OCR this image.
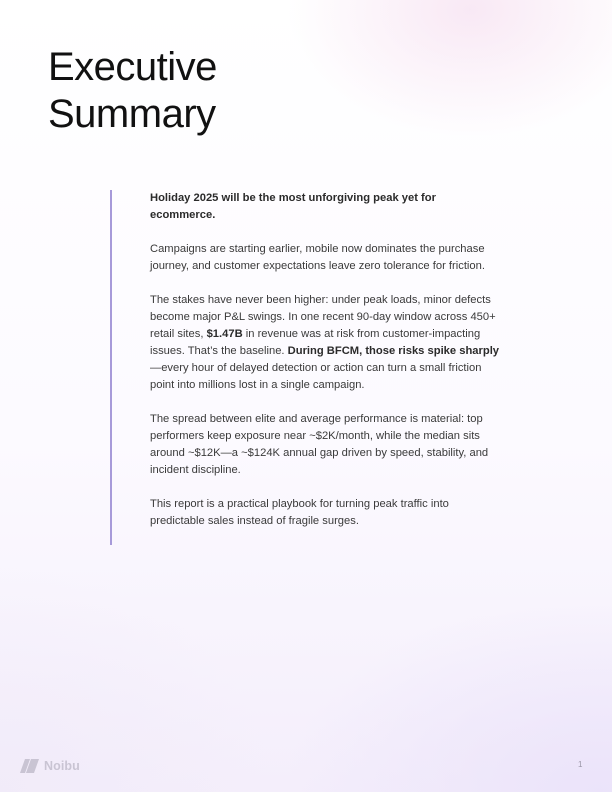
Executive
Summary

Holiday 2025 will be the most unforgiving peak yet for ecommerce.

Campaigns are starting earlier, mobile now dominates the purchase journey, and customer expectations leave zero tolerance for friction.

The stakes have never been higher: under peak loads, minor defects become major P&L swings. In one recent 90-day window across 450+ retail sites, $1.47B in revenue was at risk from customer-impacting issues. That’s the baseline. During BFCM, those risks spike sharply—every hour of delayed detection or action can turn a small friction point into millions lost in a single campaign.

The spread between elite and average performance is material: top performers keep exposure near ~$2K/month, while the median sits around ~$12K—a ~$124K annual gap driven by speed, stability, and incident discipline.

This report is a practical playbook for turning peak traffic into predictable sales instead of fragile surges.

Noibu	1
